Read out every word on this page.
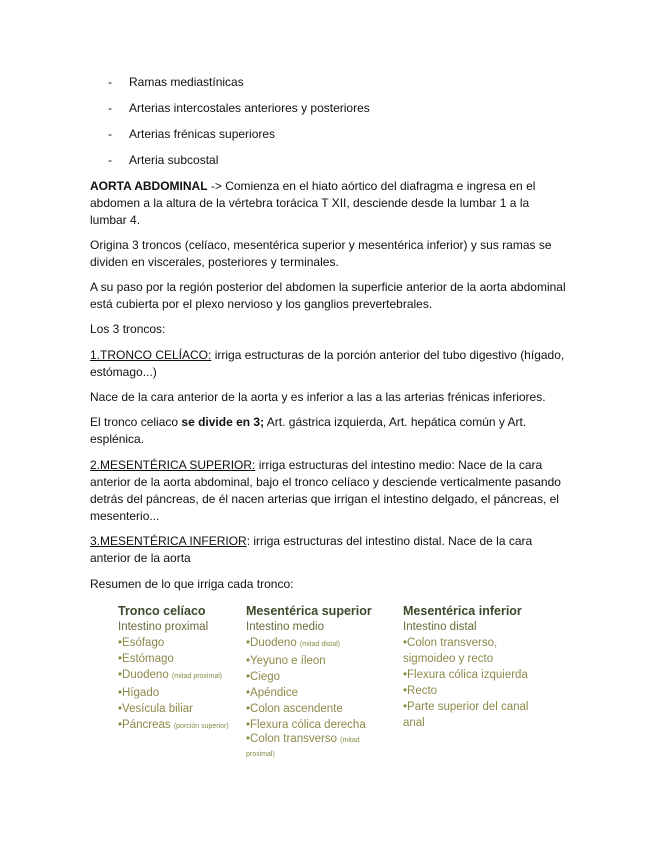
- Ramas mediastínicas
- Arterias intercostales anteriores y posteriores
- Arterias frénicas superiores
- Arteria subcostal

AORTA ABDOMINAL -> Comienza en el hiato aórtico del diafragma e ingresa en el abdomen a la altura de la vértebra torácica T XII, desciende desde la lumbar 1 a la lumbar 4.

Origina 3 troncos (celíaco, mesentérica superior y mesentérica inferior) y sus ramas se dividen en viscerales, posteriores y terminales.

A su paso por la región posterior del abdomen la superficie anterior de la aorta abdominal está cubierta por el plexo nervioso y los ganglios prevertebrales.

Los 3 troncos:

1.TRONCO CELÍACO: irriga estructuras de la porción anterior del tubo digestivo (hígado, estómago...)

Nace de la cara anterior de la aorta y es inferior a las a las arterias frénicas inferiores.

El tronco celiaco se divide en 3; Art. gástrica izquierda, Art. hepática común y Art. esplénica.

2.MESENTÉRICA SUPERIOR: irriga estructuras del intestino medio: Nace de la cara anterior de la aorta abdominal, bajo el tronco celíaco y desciende verticalmente pasando detrás del páncreas, de él nacen arterias que irrigan el intestino delgado, el páncreas, el mesenterio...

3.MESENTÉRICA INFERIOR: irriga estructuras del intestino distal. Nace de la cara anterior de la aorta

Resumen de lo que irriga cada tronco:

Tronco celíaco
Intestino proximal
•Esófago
•Estómago
•Duodeno (mitad proximal)
•Hígado
•Vesícula biliar
•Páncreas (porción superior)
Mesentérica superior
Intestino medio
•Duodeno (mitad distal)
•Yeyuno e íleon
•Ciego
•Apéndice
•Colon ascendente
•Flexura cólica derecha
•Colon transverso (mitad proximal)
Mesentérica inferior
Intestino distal
•Colon transverso, sigmoideo y recto
•Flexura cólica izquierda
•Recto
•Parte superior del canal anal
